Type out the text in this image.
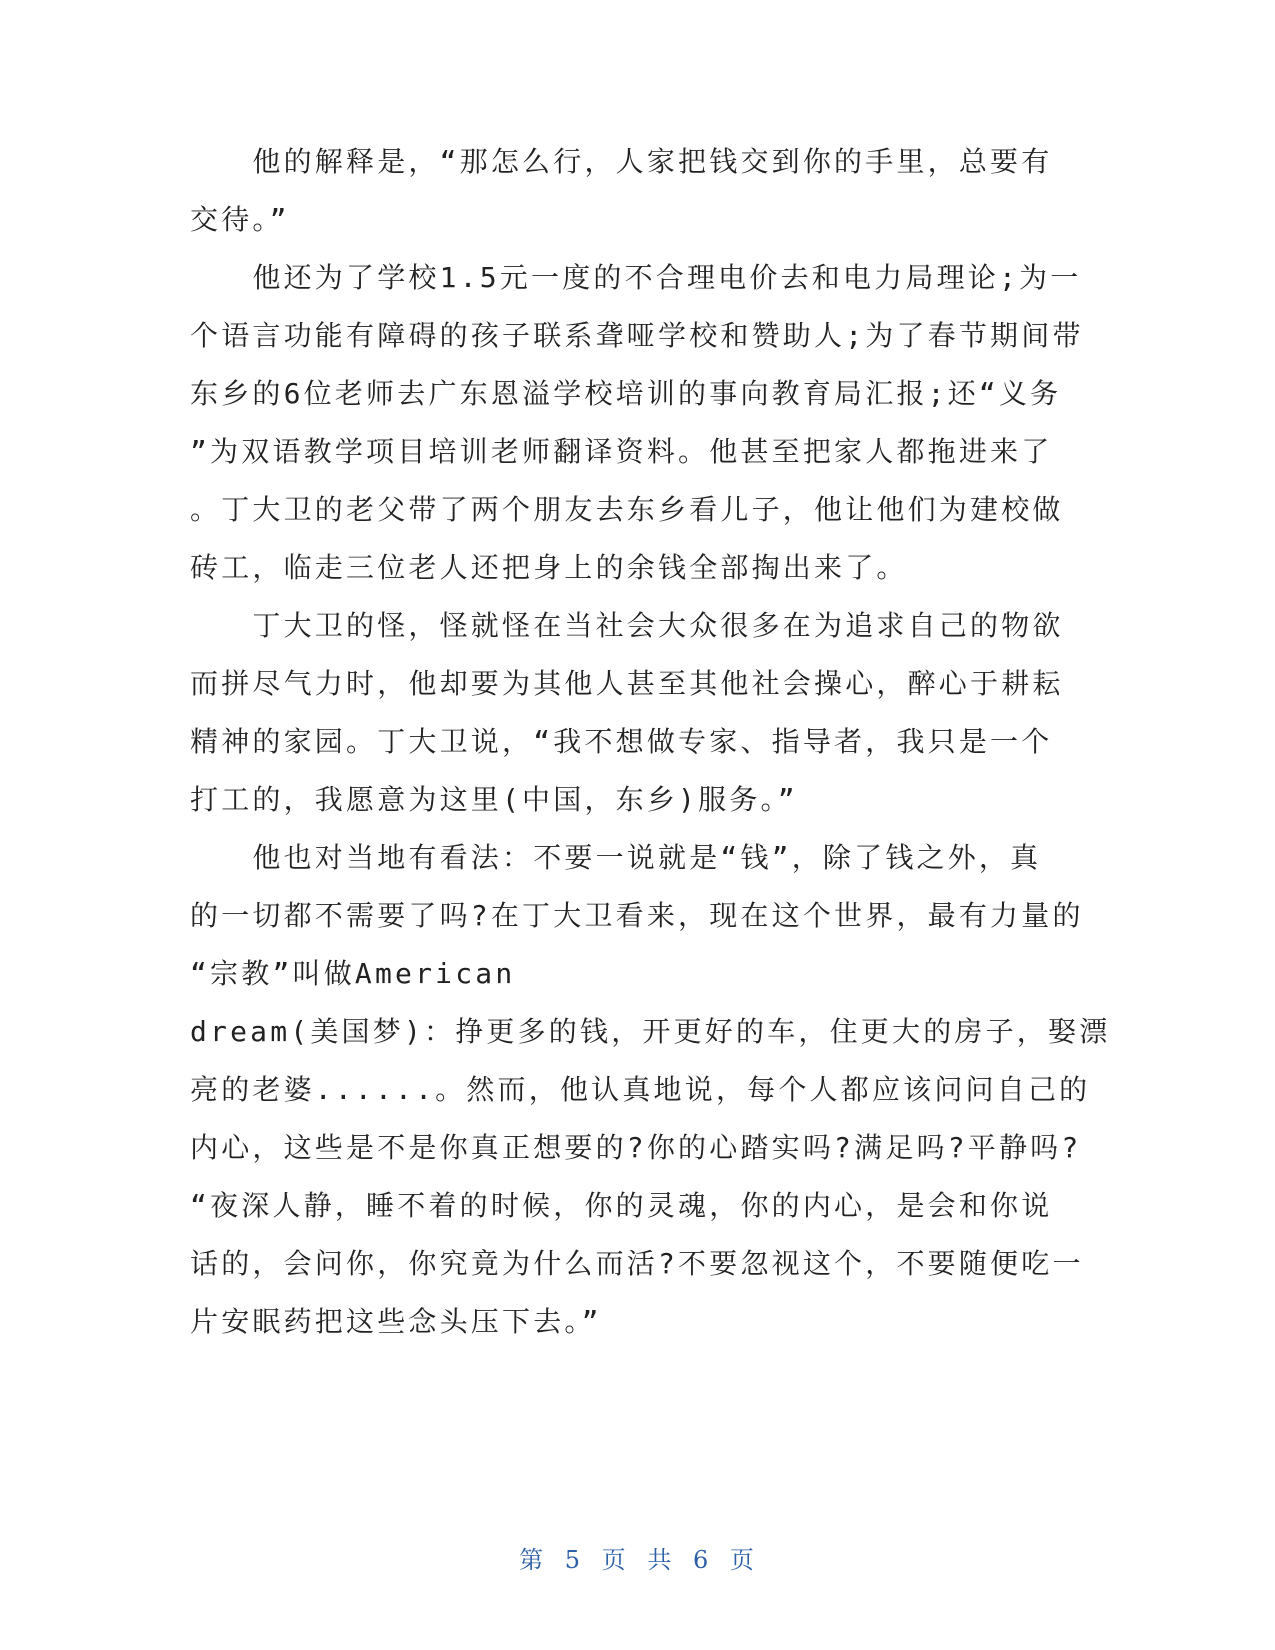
　　他的解释是，“那怎么行，人家把钱交到你的手里，总要有
交待。”
　　他还为了学校1.5元一度的不合理电价去和电力局理论;为一
个语言功能有障碍的孩子联系聋哑学校和赞助人;为了春节期间带
东乡的6位老师去广东恩溢学校培训的事向教育局汇报;还“义务
”为双语教学项目培训老师翻译资料。他甚至把家人都拖进来了
。丁大卫的老父带了两个朋友去东乡看儿子，他让他们为建校做
砖工，临走三位老人还把身上的余钱全部掏出来了。
　　丁大卫的怪，怪就怪在当社会大众很多在为追求自己的物欲
而拼尽气力时，他却要为其他人甚至其他社会操心，醉心于耕耘
精神的家园。丁大卫说，“我不想做专家、指导者，我只是一个
打工的，我愿意为这里(中国，东乡)服务。”
　　他也对当地有看法：不要一说就是“钱”，除了钱之外，真
的一切都不需要了吗?在丁大卫看来，现在这个世界，最有力量的
“宗教”叫做American
dream(美国梦)：挣更多的钱，开更好的车，住更大的房子，娶漂
亮的老婆......。然而，他认真地说，每个人都应该问问自己的
内心，这些是不是你真正想要的?你的心踏实吗?满足吗?平静吗?
“夜深人静，睡不着的时候，你的灵魂，你的内心，是会和你说
话的，会问你，你究竟为什么而活?不要忽视这个，不要随便吃一
片安眠药把这些念头压下去。”
第 5 页 共 6 页
